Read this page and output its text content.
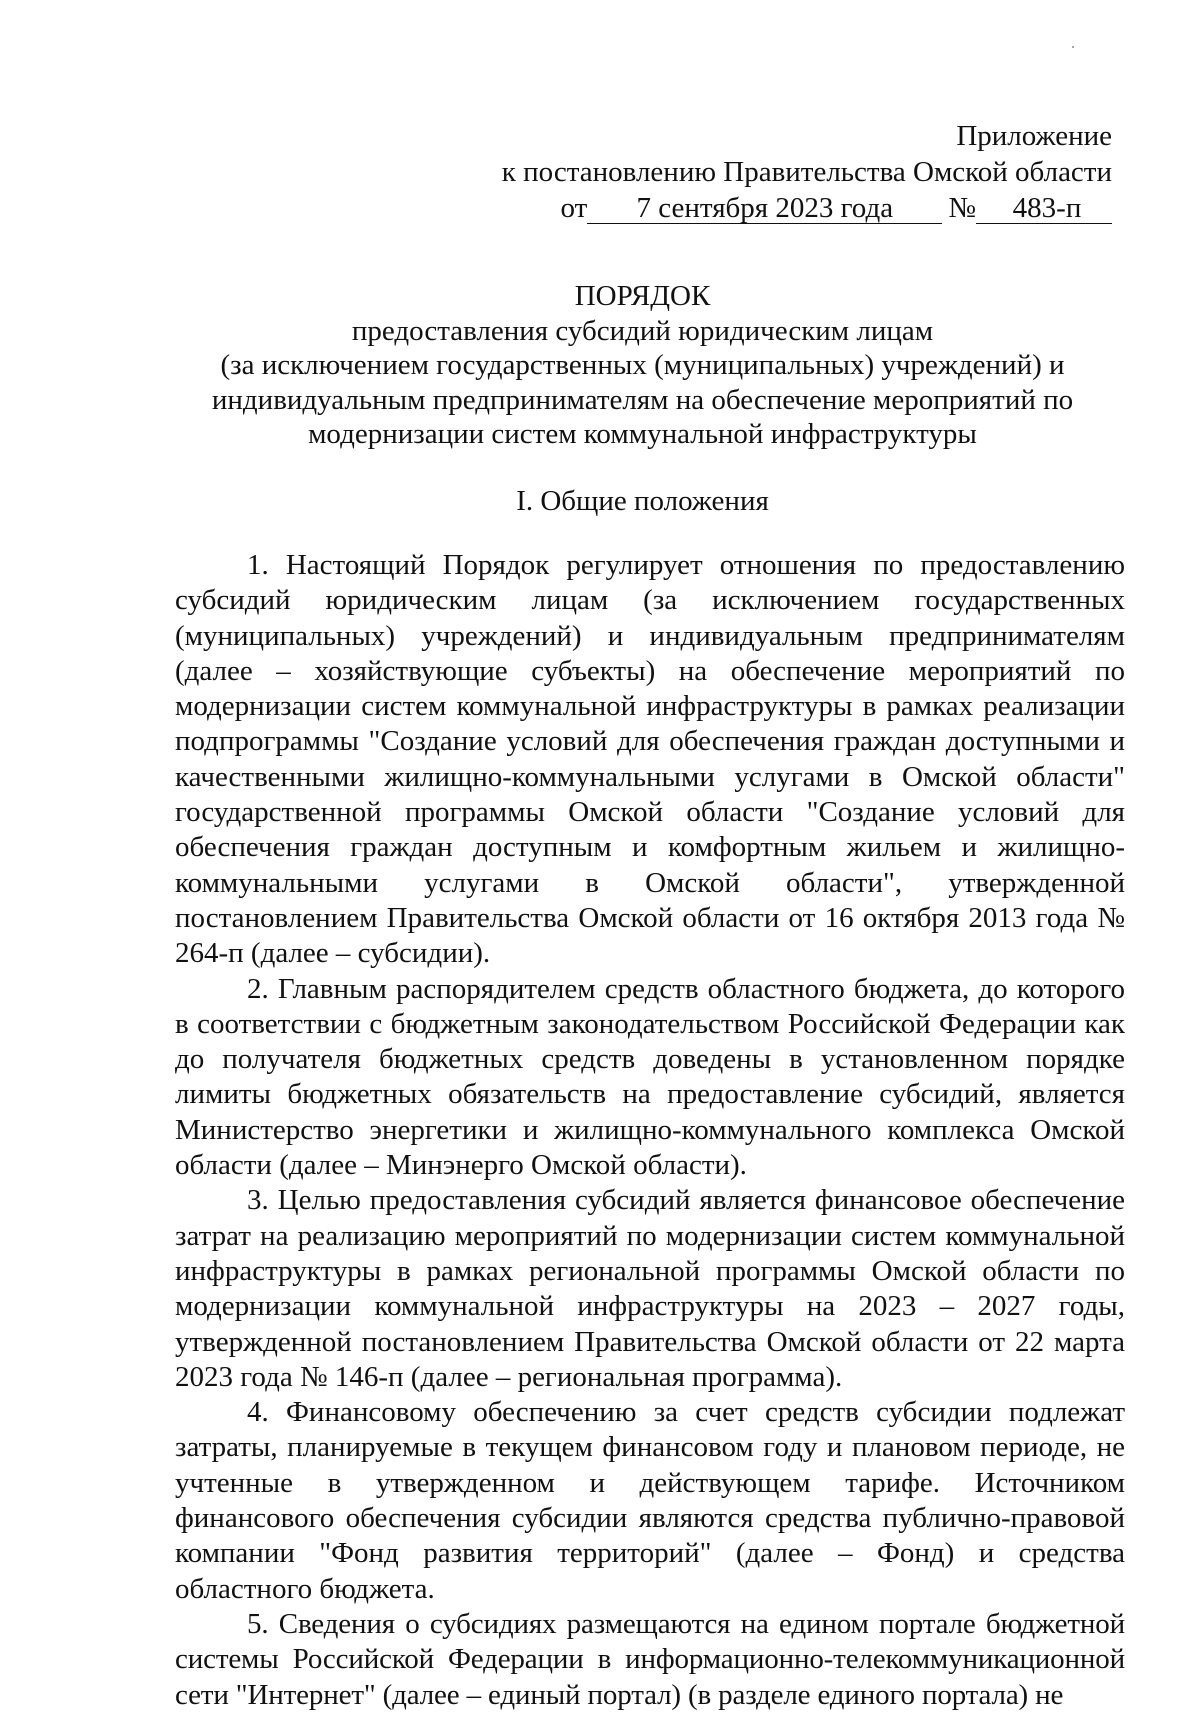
Приложение
к постановлению Правительства Омской области
от 7 сентября 2023 года № 483-п
ПОРЯДОК
предоставления субсидий юридическим лицам
(за исключением государственных (муниципальных) учреждений) и
индивидуальным предпринимателям на обеспечение мероприятий по
модернизации систем коммунальной инфраструктуры
I. Общие положения

1. Настоящий Порядок регулирует отношения по предоставлению субсидий юридическим лицам (за исключением государственных (муниципальных) учреждений) и индивидуальным предпринимателям (далее – хозяйствующие субъекты) на обеспечение мероприятий по модернизации систем коммунальной инфраструктуры в рамках реализации подпрограммы "Создание условий для обеспечения граждан доступными и качественными жилищно-коммунальными услугами в Омской области" государственной программы Омской области "Создание условий для обеспечения граждан доступным и комфортным жильем и жилищно-коммунальными услугами в Омской области", утвержденной постановлением Правительства Омской области от 16 октября 2013 года № 264-п (далее – субсидии).

2. Главным распорядителем средств областного бюджета, до которого в соответствии с бюджетным законодательством Российской Федерации как до получателя бюджетных средств доведены в установленном порядке лимиты бюджетных обязательств на предоставление субсидий, является Министерство энергетики и жилищно-коммунального комплекса Омской области (далее – Минэнерго Омской области).

3. Целью предоставления субсидий является финансовое обеспечение затрат на реализацию мероприятий по модернизации систем коммунальной инфраструктуры в рамках региональной программы Омской области по модернизации коммунальной инфраструктуры на 2023 – 2027 годы, утвержденной постановлением Правительства Омской области от 22 марта 2023 года № 146-п (далее – региональная программа).

4. Финансовому обеспечению за счет средств субсидии подлежат затраты, планируемые в текущем финансовом году и плановом периоде, не учтенные в утвержденном и действующем тарифе. Источником финансового обеспечения субсидии являются средства публично-правовой компании "Фонд развития территорий" (далее – Фонд) и средства областного бюджета.

5. Сведения о субсидиях размещаются на едином портале бюджетной системы Российской Федерации в информационно-телекоммуникационной сети "Интернет" (далее – единый портал) (в разделе единого портала) не
